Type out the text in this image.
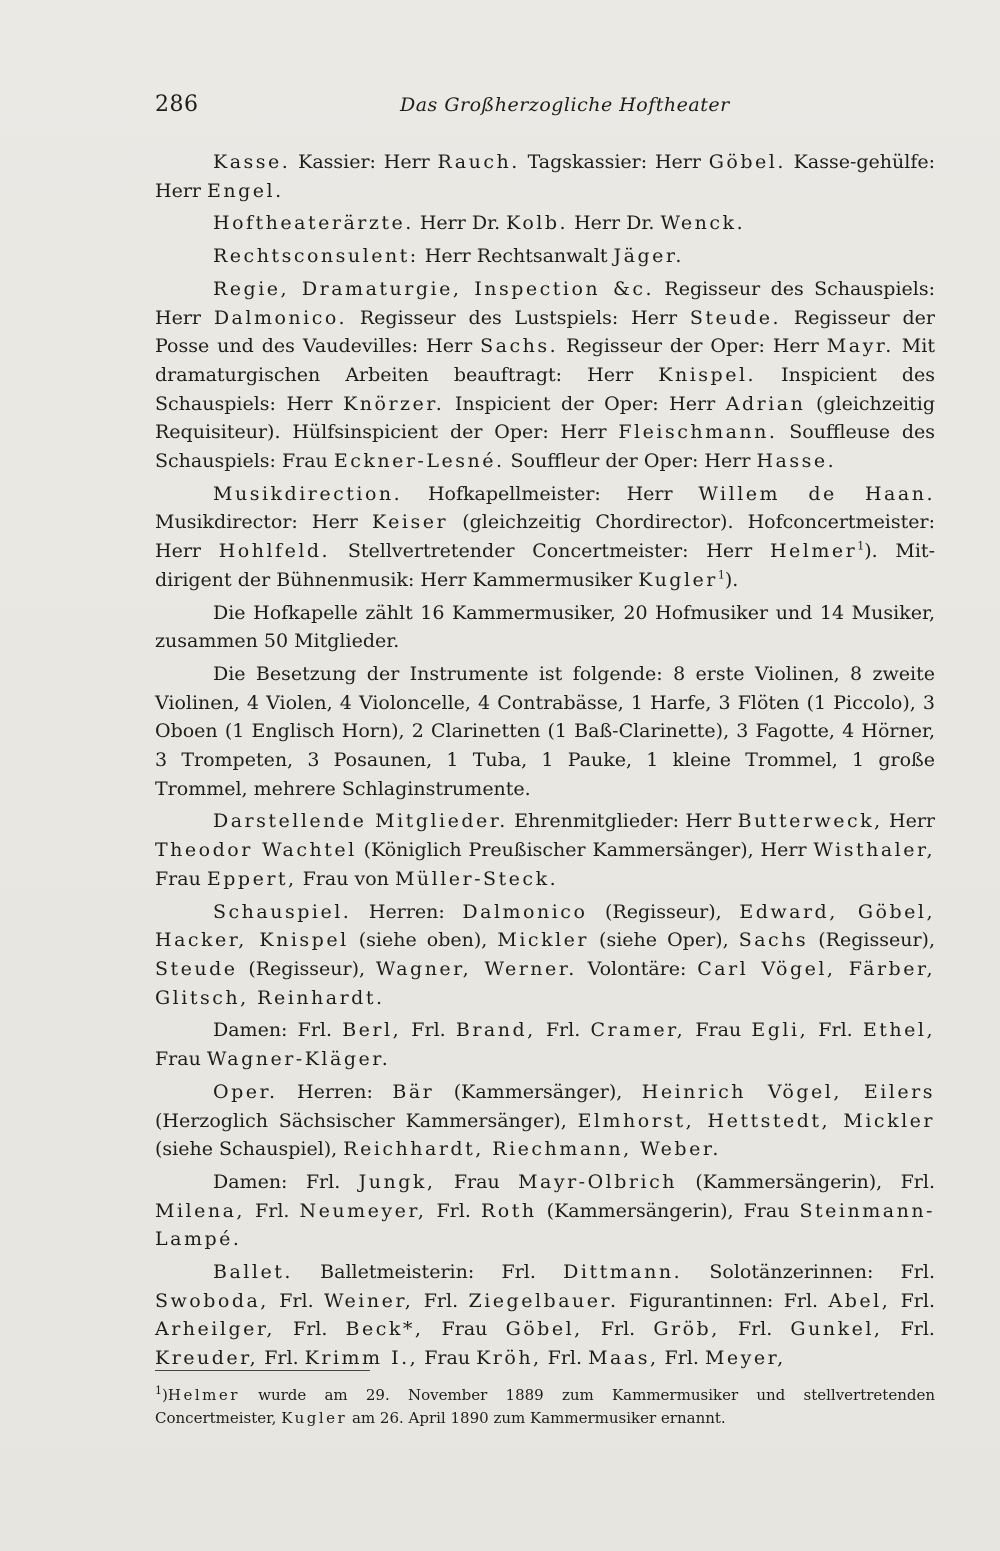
286	Das Großherzogliche Hoftheater

Kasse. Kassier: Herr Rauch. Tagskassier: Herr Göbel. Kasse-gehülfe: Herr Engel.

Hoftheaterärzte. Herr Dr. Kolb. Herr Dr. Wenck.

Rechtsconsulent: Herr Rechtsanwalt Jäger.

Regie, Dramaturgie, Inspection &c. Regisseur des Schauspiels: Herr Dalmonico. Regisseur des Lustspiels: Herr Steude. Regisseur der Posse und des Vaudevilles: Herr Sachs. Regisseur der Oper: Herr Mayr. Mit dramaturgischen Arbeiten beauftragt: Herr Knispel. Inspicient des Schauspiels: Herr Knörzer. Inspicient der Oper: Herr Adrian (gleichzeitig Requisiteur). Hülfsinspicient der Oper: Herr Fleischmann. Souffleuse des Schauspiels: Frau Eckner-Lesné. Souffleur der Oper: Herr Hasse.

Musikdirection. Hofkapellmeister: Herr Willem de Haan. Musikdirector: Herr Keiser (gleichzeitig Chordirector). Hofconcertmeister: Herr Hohlfeld. Stellvertretender Concertmeister: Herr Helmer$^1$). Mit-dirigent der Bühnenmusik: Herr Kammermusiker Kugler$^1$).

Die Hofkapelle zählt 16 Kammermusiker, 20 Hofmusiker und 14 Musiker, zusammen 50 Mitglieder.

Die Besetzung der Instrumente ist folgende: 8 erste Violinen, 8 zweite Violinen, 4 Violen, 4 Violoncelle, 4 Contrabässe, 1 Harfe, 3 Flöten (1 Piccolo), 3 Oboen (1 Englisch Horn), 2 Clarinetten (1 Baß-Clarinette), 3 Fagotte, 4 Hörner, 3 Trompeten, 3 Posaunen, 1 Tuba, 1 Pauke, 1 kleine Trommel, 1 große Trommel, mehrere Schlaginstrumente.

Darstellende Mitglieder. Ehrenmitglieder: Herr Butterweck, Herr Theodor Wachtel (Königlich Preußischer Kammersänger), Herr Wisthaler, Frau Eppert, Frau von Müller-Steck.

Schauspiel. Herren: Dalmonico (Regisseur), Edward, Göbel, Hacker, Knispel (siehe oben), Mickler (siehe Oper), Sachs (Regisseur), Steude (Regisseur), Wagner, Werner. Volontäre: Carl Vögel, Färber, Glitsch, Reinhardt.

Damen: Frl. Berl, Frl. Brand, Frl. Cramer, Frau Egli, Frl. Ethel, Frau Wagner-Kläger.

Oper. Herren: Bär (Kammersänger), Heinrich Vögel, Eilers (Herzoglich Sächsischer Kammersänger), Elmhorst, Hettstedt, Mickler (siehe Schauspiel), Reichhardt, Riechmann, Weber.

Damen: Frl. Jungk, Frau Mayr-Olbrich (Kammersängerin), Frl. Milena, Frl. Neumeyer, Frl. Roth (Kammersängerin), Frau Steinmann-Lampé.

Ballet. Balletmeisterin: Frl. Dittmann. Solotänzerinnen: Frl. Swoboda, Frl. Weiner, Frl. Ziegelbauer. Figurantinnen: Frl. Abel, Frl. Arheilger, Frl. Beck*, Frau Göbel, Frl. Gröb, Frl. Gunkel, Frl. Kreuder, Frl. Krimm I., Frau Kröh, Frl. Maas, Frl. Meyer,

$^1$)Helmer wurde am 29. November 1889 zum Kammermusiker und stellvertretenden Concertmeister, Kugler am 26. April 1890 zum Kammermusiker ernannt.
